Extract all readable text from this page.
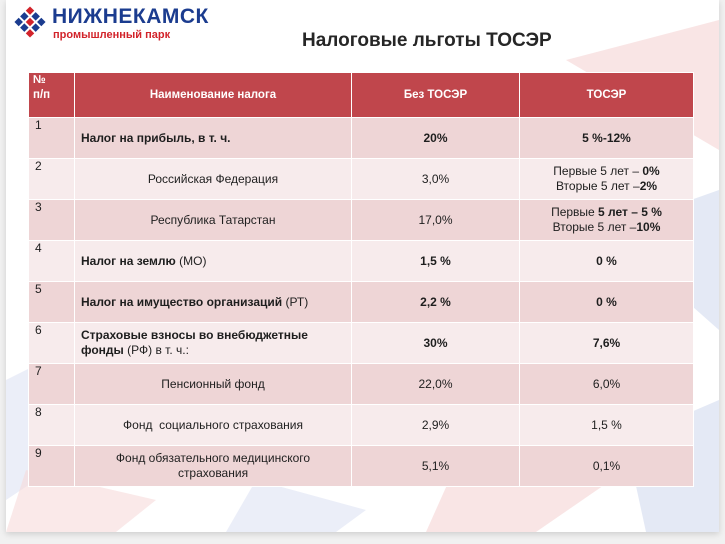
НИЖНЕКАМСК
промышленный парк	Налоговые льготы ТОСЭР
№
п/п	Наименование налога	Без ТОСЭР	ТОСЭР
1	Налог на прибыль, в т. ч.	20%	5 %-12%
2	Российская Федерация	3,0%	Первые 5 лет – 0%
Вторые 5 лет –2%

3	Республика Татарстан	17,0%	Первые 5 лет – 5 %
Вторые 5 лет –10%

4	Налог на землю (МО)	1,5 %	0 %
5	Налог на имущество организаций (РТ)	2,2 %	0 %
6	Страховые взносы во внебюджетные
фонды (РФ) в т. ч.:	30%	7,6%
7	Пенсионный фонд	22,0%	6,0%
8	Фонд  социального страхования	2,9%	1,5 %
9	Фонд обязательного медицинского
страхования	5,1%	0,1%
